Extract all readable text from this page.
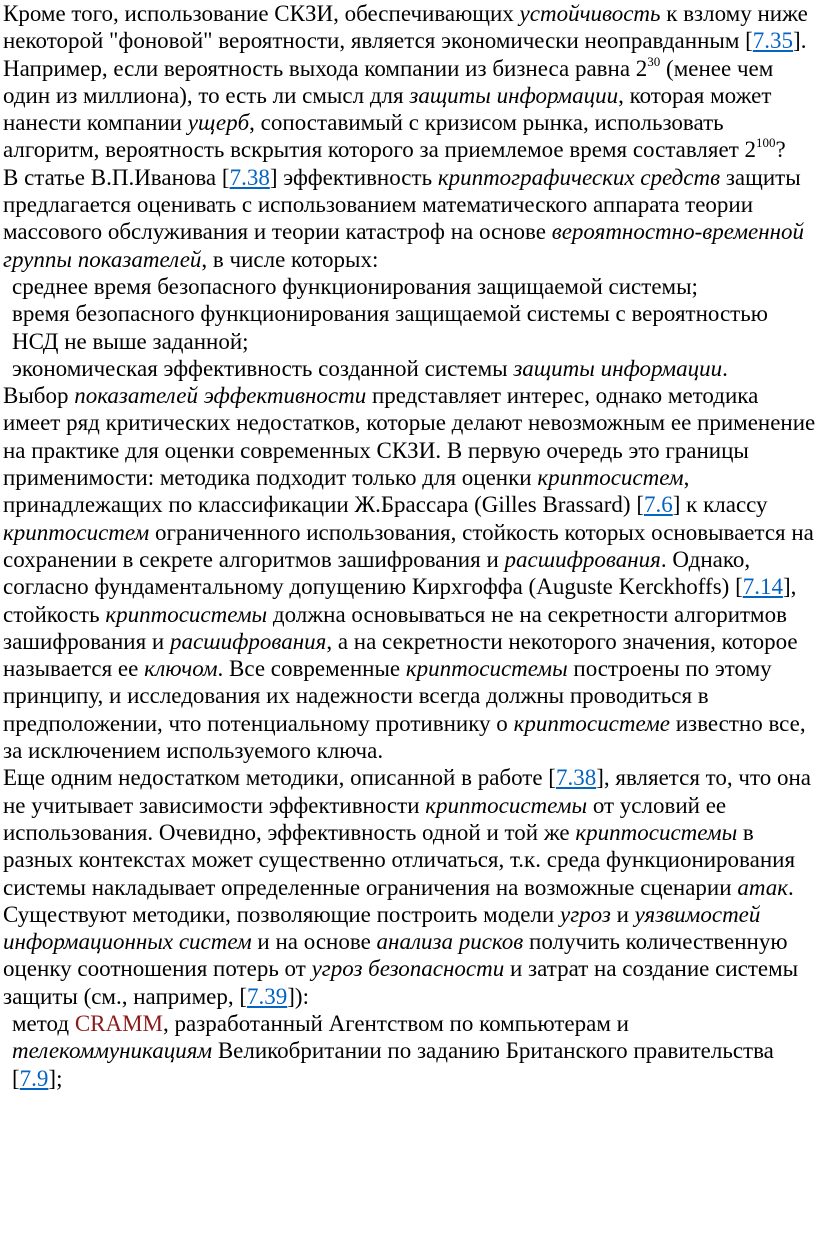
Кроме того, использование СКЗИ, обеспечивающих устойчивость к взлому ниже некоторой "фоновой" вероятности, является экономически неоправданным [7.35]. Например, если вероятность выхода компании из бизнеса равна $2^{30}$ (менее чем один из миллиона), то есть ли смысл для защиты информации, которая может нанести компании ущерб, сопоставимый с кризисом рынка, использовать алгоритм, вероятность вскрытия которого за приемлемое время составляет $2^{100}$?

В статье В.П.Иванова [7.38] эффективность криптографических средств защиты предлагается оценивать с использованием математического аппарата теории массового обслуживания и теории катастроф на основе вероятностно-временной группы показателей, в числе которых:

среднее время безопасного функционирования защищаемой системы;

время безопасного функционирования защищаемой системы с вероятностью НСД не выше заданной;

экономическая эффективность созданной системы защиты информации.

Выбор показателей эффективности представляет интерес, однако методика имеет ряд критических недостатков, которые делают невозможным ее применение на практике для оценки современных СКЗИ. В первую очередь это границы применимости: методика подходит только для оценки криптосистем, принадлежащих по классификации Ж.Брассара (Gilles Brassard) [7.6] к классу криптосистем ограниченного использования, стойкость которых основывается на сохранении в секрете алгоритмов зашифрования и расшифрования. Однако, согласно фундаментальному допущению Кирхгоффа (Auguste Kerckhoffs) [7.14], стойкость криптосистемы должна основываться не на секретности алгоритмов зашифрования и расшифрования, а на секретности некоторого значения, которое называется ее ключом. Все современные криптосистемы построены по этому принципу, и исследования их надежности всегда должны проводиться в предположении, что потенциальному противнику о криптосистеме известно все, за исключением используемого ключа.

Еще одним недостатком методики, описанной в работе [7.38], является то, что она не учитывает зависимости эффективности криптосистемы от условий ее использования. Очевидно, эффективность одной и той же криптосистемы в разных контекстах может существенно отличаться, т.к. среда функционирования системы накладывает определенные ограничения на возможные сценарии атак.

Существуют методики, позволяющие построить модели угроз и уязвимостей информационных систем и на основе анализа рисков получить количественную оценку соотношения потерь от угроз безопасности и затрат на создание системы защиты (см., например, [7.39]):

метод CRAMM, разработанный Агентством по компьютерам и телекоммуникациям Великобритании по заданию Британского правительства [7.9];
